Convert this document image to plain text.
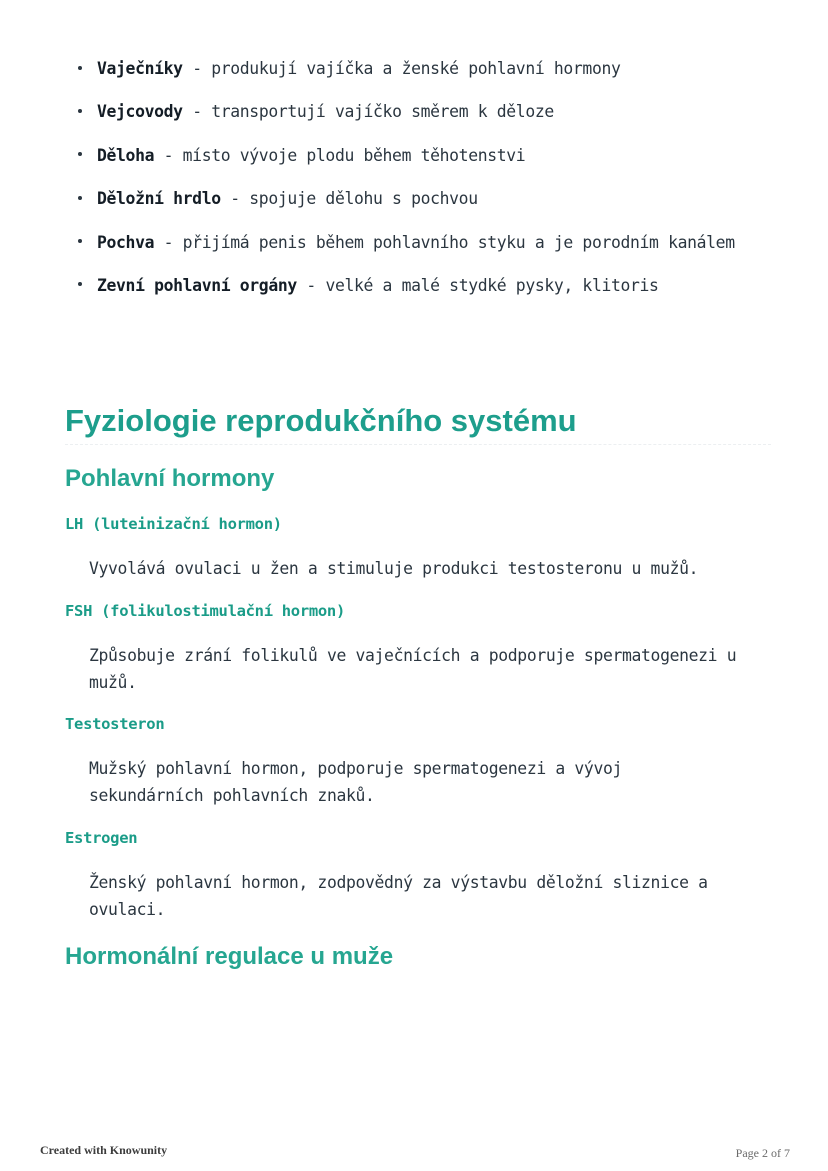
Vaječníky - produkují vajíčka a ženské pohlavní hormony
Vejcovody - transportují vajíčko směrem k děloze
Děloha - místo vývoje plodu během těhotenstvi
Děložní hrdlo - spojuje dělohu s pochvou
Pochva - přijímá penis během pohlavního styku a je porodním kanálem
Zevní pohlavní orgány - velké a malé stydké pysky, klitoris

Fyziologie reprodukčního systému
Pohlavní hormony
LH (luteinizační hormon)

Vyvolává ovulaci u žen a stimuluje produkci testosteronu u mužů.

FSH (folikulostimulační hormon)

Způsobuje zrání folikulů ve vaječnících a podporuje spermatogenezi u
mužů.

Testosteron

Mužský pohlavní hormon, podporuje spermatogenezi a vývoj
sekundárních pohlavních znaků.

Estrogen

Ženský pohlavní hormon, zodpovědný za výstavbu děložní sliznice a
ovulaci.

Hormonální regulace u muže
Created with Knowunity	Page 2 of 7
